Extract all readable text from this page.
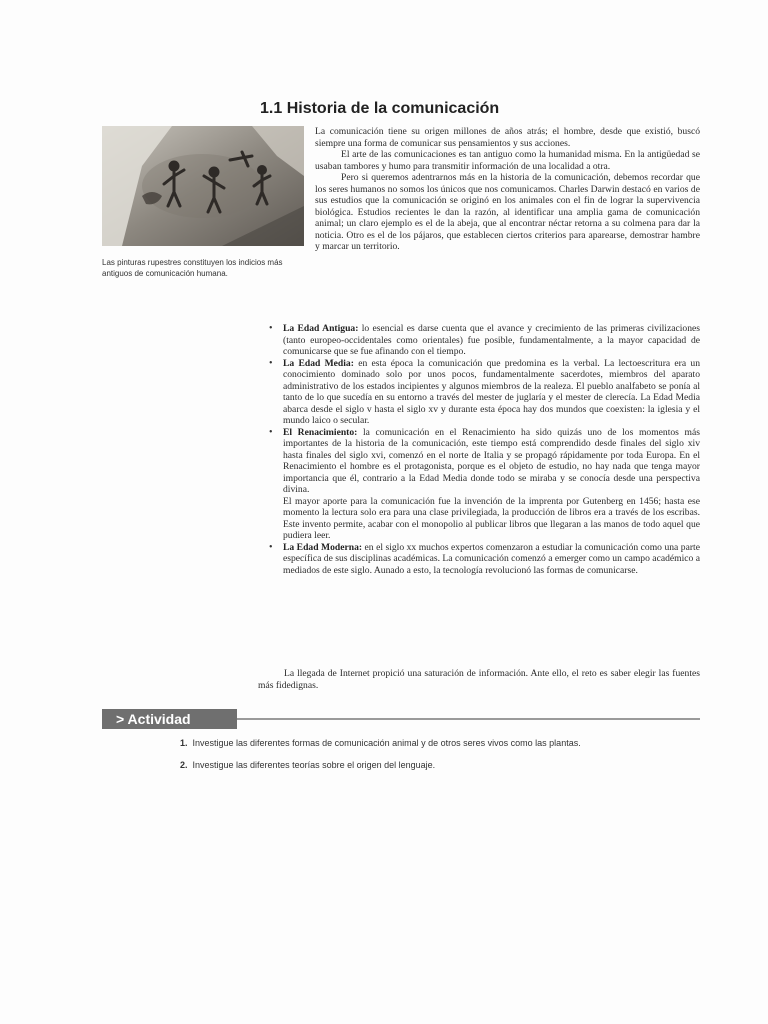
1.1 Historia de la comunicación

Las pinturas rupestres constituyen los indicios más antiguos de comunicación humana.

La comunicación tiene su origen millones de años atrás; el hombre, desde que existió, buscó siempre una forma de comunicar sus pensamientos y sus acciones.

El arte de las comunicaciones es tan antiguo como la humanidad misma. En la antigüedad se usaban tambores y humo para transmitir información de una localidad a otra.

Pero si queremos adentrarnos más en la historia de la comunicación, debemos recordar que los seres humanos no somos los únicos que nos comunicamos. Charles Darwin destacó en varios de sus estudios que la comunicación se originó en los animales con el fin de lograr la supervivencia biológica. Estudios recientes le dan la razón, al identificar una amplia gama de comunicación animal; un claro ejemplo es el de la abeja, que al encontrar néctar retorna a su colmena para dar la noticia. Otro es el de los pájaros, que establecen ciertos criterios para aparearse, demostrar hambre y marcar un territorio.

• La Edad Antigua: lo esencial es darse cuenta que el avance y crecimiento de las primeras civilizaciones (tanto europeo-occidentales como orientales) fue posible, fundamentalmente, a la mayor capacidad de comunicarse que se fue afinando con el tiempo.
• La Edad Media: en esta época la comunicación que predomina es la verbal. La lectoescritura era un conocimiento dominado solo por unos pocos, fundamentalmente sacerdotes, miembros del aparato administrativo de los estados incipientes y algunos miembros de la realeza. El pueblo analfabeto se ponía al tanto de lo que sucedía en su entorno a través del mester de juglaría y el mester de clerecía. La Edad Media abarca desde el siglo v hasta el siglo xv y durante esta época hay dos mundos que coexisten: la iglesia y el mundo laico o secular.
• El Renacimiento: la comunicación en el Renacimiento ha sido quizás uno de los momentos más importantes de la historia de la comunicación, este tiempo está comprendido desde finales del siglo xiv hasta finales del siglo xvi, comenzó en el norte de Italia y se propagó rápidamente por toda Europa. En el Renacimiento el hombre es el protagonista, porque es el objeto de estudio, no hay nada que tenga mayor importancia que él, contrario a la Edad Media donde todo se miraba y se conocía desde una perspectiva divina.

El mayor aporte para la comunicación fue la invención de la imprenta por Gutenberg en 1456; hasta ese momento la lectura solo era para una clase privilegiada, la producción de libros era a través de los escribas. Este invento permite, acabar con el monopolio al publicar libros que llegaran a las manos de todo aquel que pudiera leer.

• La Edad Moderna: en el siglo xx muchos expertos comenzaron a estudiar la comunicación como una parte específica de sus disciplinas académicas. La comunicación comenzó a emerger como un campo académico a mediados de este siglo. Aunado a esto, la tecnología revolucionó las formas de comunicarse.

La llegada de Internet propició una saturación de información. Ante ello, el reto es saber elegir las fuentes más fidedignas.

> Actividad
1. Investigue las diferentes formas de comunicación animal y de otros seres vivos como las plantas.
2. Investigue las diferentes teorías sobre el origen del lenguaje.
